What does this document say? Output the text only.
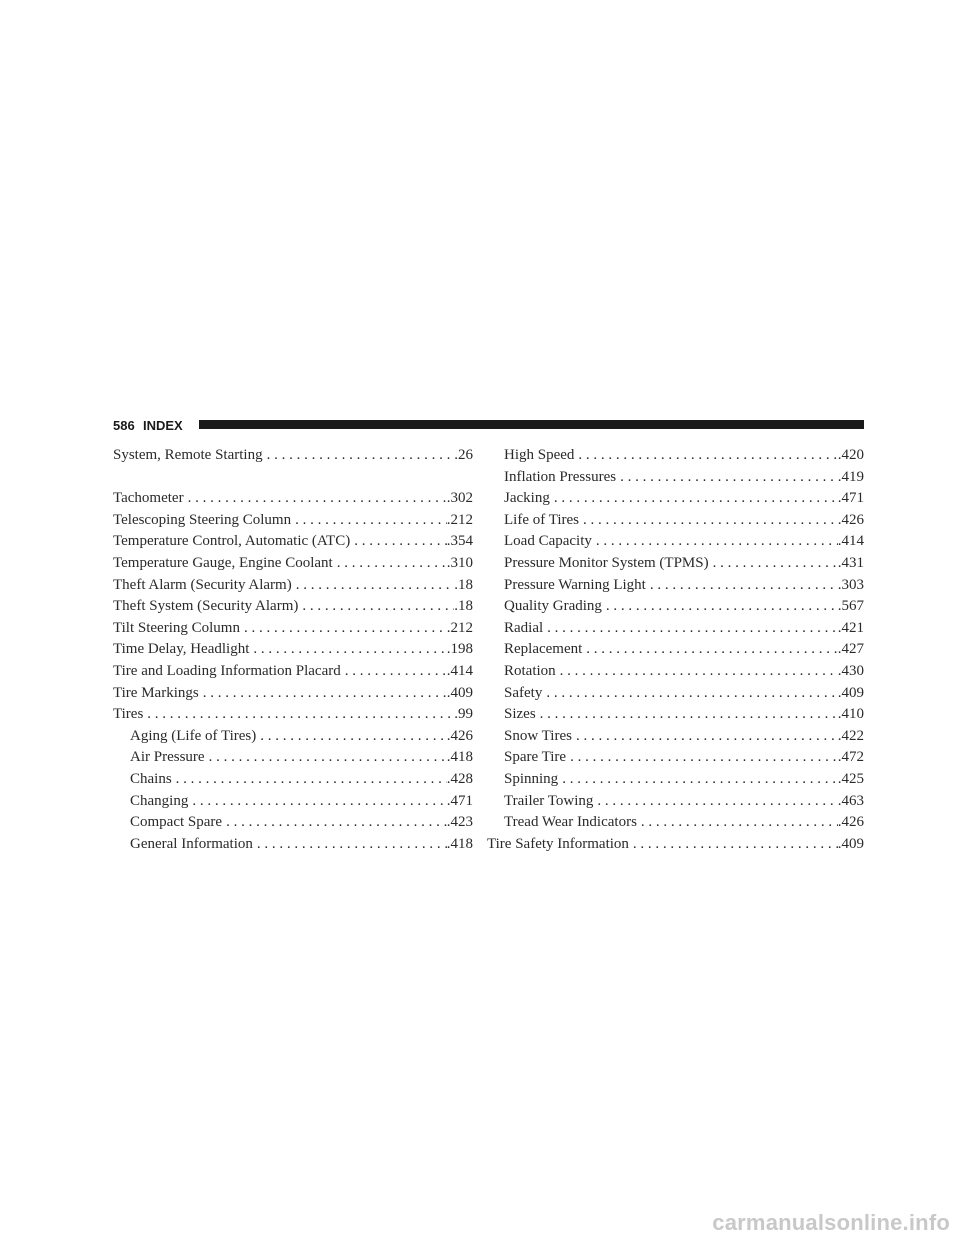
586 INDEX
System, Remote Starting . . .	.26
Tachometer . . .	.302
Telescoping Steering Column . . .	.212
Temperature Control, Automatic (ATC) . . .	.354
Temperature Gauge, Engine Coolant . . .	.310
Theft Alarm (Security Alarm) . . .	.18
Theft System (Security Alarm) . . .	.18
Tilt Steering Column . . .	.212
Time Delay, Headlight . . .	.198
Tire and Loading Information Placard . . .	.414
Tire Markings . . .	.409
Tires . . .	.99
Aging (Life of Tires) . . .	.426
Air Pressure . . .	.418
Chains . . .	.428
Changing . . .	.471
Compact Spare . . .	.423
General Information . . .	.418
High Speed . . .	.420
Inflation Pressures . . .	.419
Jacking . . .	.471
Life of Tires . . .	.426
Load Capacity . . .	.414
Pressure Monitor System (TPMS) . . .	.431
Pressure Warning Light . . .	.303
Quality Grading . . .	.567
Radial . . .	.421
Replacement . . .	.427
Rotation . . .	.430
Safety . . .	.409
Sizes . . .	.410
Snow Tires . . .	.422
Spare Tire . . .	.472
Spinning . . .	.425
Trailer Towing . . .	.463
Tread Wear Indicators . . .	.426
Tire Safety Information . . .	.409
carmanualsonline.info
